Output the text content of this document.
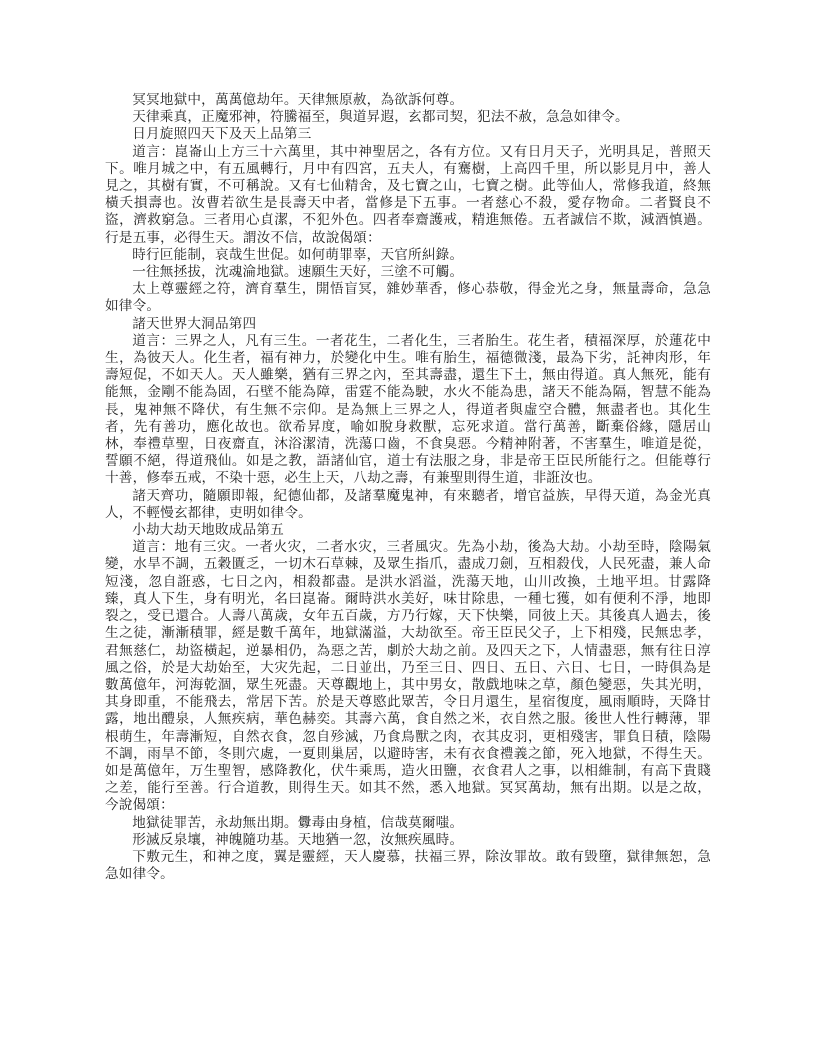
冥冥地獄中，萬萬億劫年。天律無原赦，為欲訴何尊。

天律乘真，正魔邪神，符騰福至，與道昇遐，玄都司契，犯法不赦，急急如律令。

日月旋照四天下及天上品第三

道言：崑崙山上方三十六萬里，其中神聖居之，各有方位。又有日月天子，光明具足，普照天下。唯月城之中，有五風轉行，月中有四宮，五夫人，有騫樹，上高四千里，所以影見月中，善人見之，其樹有實，不可稱說。又有七仙精舍，及七寶之山，七寶之樹。此等仙人，常修我道，終無橫夭損壽也。汝曹若欲生是長壽天中者，當修是下五事。一者慈心不殺，愛存物命。二者賢良不盜，濟救窮急。三者用心貞潔，不犯外色。四者奉齋護戒，精進無倦。五者誠信不欺，減酒慎過。行是五事，必得生天。謂汝不信，故說偈頌：

時行叵能制，哀哉生世促。如何萌罪辜，天官所糾錄。

一往無拯拔，沈魂淪地獄。速願生天好，三塗不可觸。

太上尊靈經之符，濟育羣生，開悟盲冥，雜妙華香，修心恭敬，得金光之身，無量壽命，急急如律令。

諸天世界大洞品第四

道言：三界之人，凡有三生。一者花生，二者化生，三者胎生。花生者，積福深厚，於蓮花中生，為彼天人。化生者，福有神力，於變化中生。唯有胎生，福德微淺，最為下劣，託神肉形，年壽短促，不如天人。天人雖樂，猶有三界之內，至其壽盡，還生下土，無由得道。真人無死，能有能無，金剛不能為固，石壁不能為障，雷霆不能為駛，水火不能為患，諸天不能為隔，智慧不能為長，鬼神無不降伏，有生無不宗仰。是為無上三界之人，得道者與虛空合體，無盡者也。其化生者，先有善功，應化故也。欲希昇度，喻如脫身救獸，忘死求道。當行萬善，斷棄俗緣，隱居山林，奉禮草聖，日夜齋直，沐浴潔清，洗蕩口齒，不食臭惡。今精神附著，不害羣生，唯道是從，誓願不絕，得道飛仙。如是之教，語諸仙官，道士有法服之身，非是帝王臣民所能行之。但能尊行十善，修奉五戒，不染十惡，必生上天，八劫之壽，有兼聖則得生道，非誑汝也。

諸天齊功，隨願即報，紀德仙都，及諸羣魔鬼神，有來聽者，增官益族，早得天道，為金光真人，不輕慢玄都律，吏明如律令。

小劫大劫天地敗成品第五

道言：地有三灾。一者火灾，二者水灾，三者風灾。先為小劫，後為大劫。小劫至時，陰陽氣變，水旱不調，五穀匱乏，一切木石草棘，及眾生指爪，盡成刀劍，互相殺伐，人民死盡，兼人命短淺，忽自誑惑，七日之內，相殺都盡。是洪水滔溢，洗蕩天地，山川改換，土地平坦。甘露降臻，真人下生，身有明光，名曰崑崙。爾時洪水美好，味甘除患，一種七獲，如有便利不淨，地即裂之，受已還合。人壽八萬歲，女年五百歲，方乃行嫁，天下快樂，同彼上天。其後真人過去，後生之徒，漸漸積罪，經是數千萬年，地獄滿溢，大劫欲至。帝王臣民父子，上下相殘，民無忠孝，君無慈仁，劫盜橫起，逆暴相仍，為惡之苦，劇於大劫之前。及四天之下，人情盡惡，無有往日淳風之俗，於是大劫始至，大灾先起，二日並出，乃至三日、四日、五日、六日、七日，一時俱為是數萬億年，河海乾涸，眾生死盡。天尊觀地上，其中男女，散戲地味之草，顏色變惡，失其光明，其身即重，不能飛去，常居下苦。於是天尊愍此眾苦，令日月還生，星宿復度，風雨順時，天降甘露，地出醴泉，人無疾病，華色赫奕。其壽六萬，食自然之米，衣自然之服。後世人性行轉薄，罪根萌生，年壽漸短，自然衣食，忽自殄滅，乃食鳥獸之肉，衣其皮羽，更相殘害，罪負日積，陰陽不調，雨旱不節，冬則穴處，一夏則巢居，以避時害，未有衣食禮義之節，死入地獄，不得生天。如是萬億年，万生聖智，感降教化，伏牛乘馬，造火田鹽，衣食君人之事，以相維制，有高下貴賤之差，能行至善。行合道教，則得生天。如其不然，悉入地獄。冥冥萬劫，無有出期。以是之故，今說偈頌：

地獄徒罪苦，永劫無出期。釁毒由身植，信哉莫爾嗤。

形滅反泉壤，神魄隨功基。天地猶一忽，汝無疾風時。

下敷元生，和神之度，翼是靈經，天人慶慕，扶福三界，除汝罪故。敢有毀墮，獄律無恕，急急如律令。
